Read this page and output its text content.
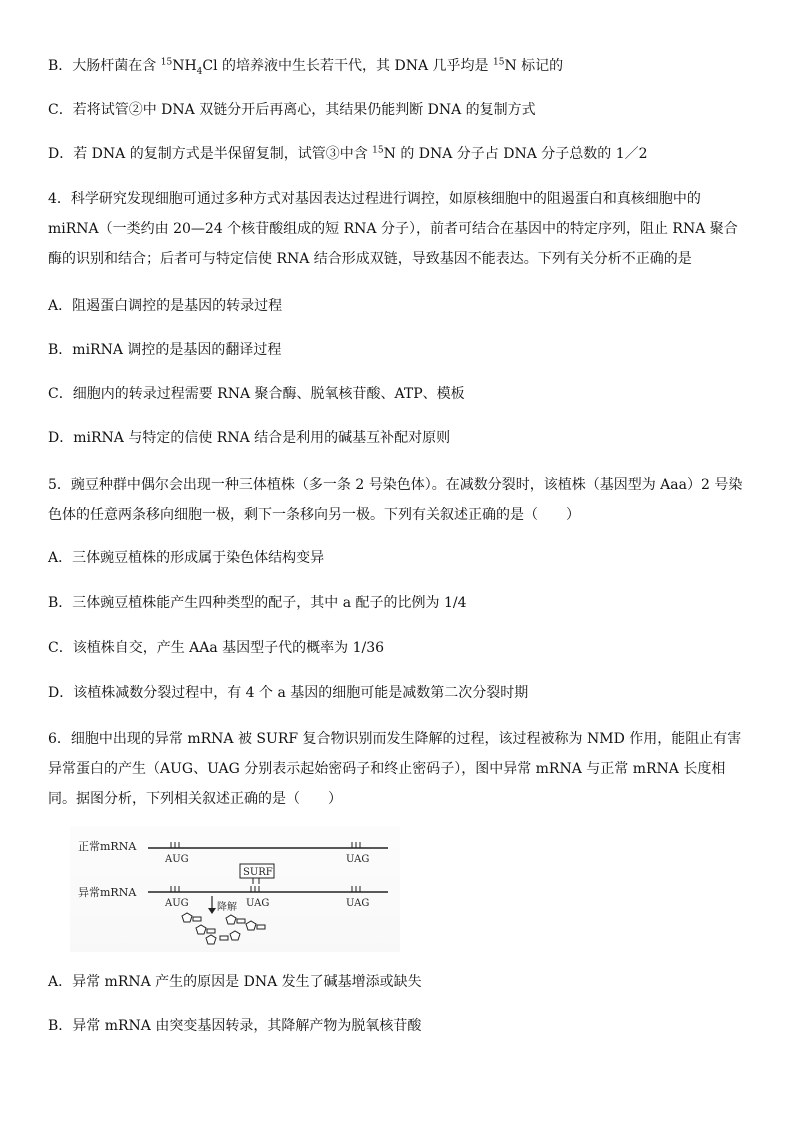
B．大肠杆菌在含 $^{15}NH_4Cl$ 的培养液中生长若干代，其 DNA 几乎均是 $^{15}$N 标记的
C．若将试管②中 DNA 双链分开后再离心，其结果仍能判断 DNA 的复制方式
D．若 DNA 的复制方式是半保留复制，试管③中含 $^{15}$N 的 DNA 分子占 DNA 分子总数的 1／2
4．科学研究发现细胞可通过多种方式对基因表达过程进行调控，如原核细胞中的阻遏蛋白和真核细胞中的 miRNA（一类约由 20—24 个核苷酸组成的短 RNA 分子），前者可结合在基因中的特定序列，阻止 RNA 聚合酶的识别和结合；后者可与特定信使 RNA 结合形成双链，导致基因不能表达。下列有关分析不正确的是
A．阻遏蛋白调控的是基因的转录过程
B．miRNA 调控的是基因的翻译过程
C．细胞内的转录过程需要 RNA 聚合酶、脱氧核苷酸、ATP、模板
D．miRNA 与特定的信使 RNA 结合是利用的碱基互补配对原则
5．豌豆种群中偶尔会出现一种三体植株（多一条 2 号染色体）。在减数分裂时，该植株（基因型为 Aaa）2 号染色体的任意两条移向细胞一极，剩下一条移向另一极。下列有关叙述正确的是（　　）
A．三体豌豆植株的形成属于染色体结构变异
B．三体豌豆植株能产生四种类型的配子，其中 a 配子的比例为 1/4
C．该植株自交，产生 AAa 基因型子代的概率为 1/36
D．该植株减数分裂过程中，有 4 个 a 基因的细胞可能是减数第二次分裂时期
6．细胞中出现的异常 mRNA 被 SURF 复合物识别而发生降解的过程，该过程被称为 NMD 作用，能阻止有害异常蛋白的产生（AUG、UAG 分别表示起始密码子和终止密码子），图中异常 mRNA 与正常 mRNA 长度相同。据图分析，下列相关叙述正确的是（　　）
正常mRNA
AUG	UAG
SURF
异常mRNA
AUG	UAG	UAG
降解
A．异常 mRNA 产生的原因是 DNA 发生了碱基增添或缺失
B．异常 mRNA 由突变基因转录，其降解产物为脱氧核苷酸
